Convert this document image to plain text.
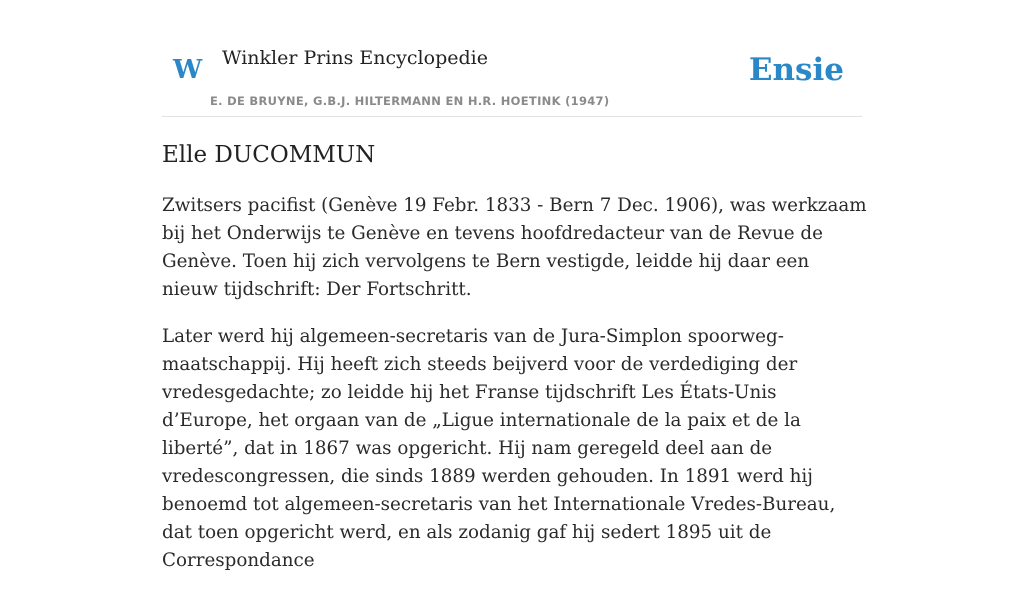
W Winkler Prins Encyclopedie
E. DE BRUYNE, G.B.J. HILTERMANN EN H.R. HOETINK (1947)
Ensie
Elle DUCOMMUN

Zwitsers pacifist (Genève 19 Febr. 1833 - Bern 7 Dec. 1906), was werkzaam bij het Onderwijs te Genève en tevens hoofdredacteur van de Revue de Genève. Toen hij zich vervolgens te Bern vestigde, leidde hij daar een nieuw tijdschrift: Der Fortschritt.

Later werd hij algemeen-secretaris van de Jura-Simplon spoorweg-maatschappij. Hij heeft zich steeds beijverd voor de verdediging der vredesgedachte; zo leidde hij het Franse tijdschrift Les États-Unis d’Europe, het orgaan van de „Ligue internationale de la paix et de la liberté”, dat in 1867 was opgericht. Hij nam geregeld deel aan de vredescongressen, die sinds 1889 werden gehouden. In 1891 werd hij benoemd tot algemeen-secretaris van het Internationale Vredes-Bureau, dat toen opgericht werd, en als zodanig gaf hij sedert 1895 uit de Correspondance
